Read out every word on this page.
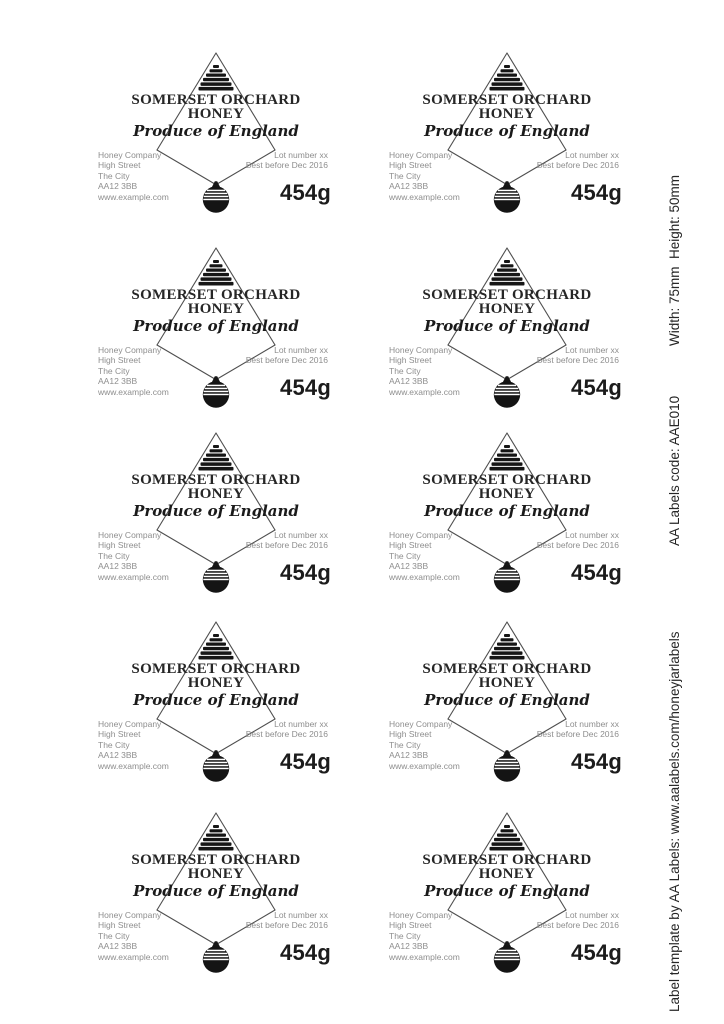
Width: 75mm  Height: 50mm
AA Labels code: AAE010
Label template by AA Labels: www.aalabels.com/honeyjarlabels
SOMERSET ORCHARD
HONEY
Produce of England
Honey Company
High Street
The City
AA12 3BB
www.example.com
Lot number xx
Best before Dec 2016
454g
SOMERSET ORCHARD
HONEY
Produce of England
Honey Company
High Street
The City
AA12 3BB
www.example.com
Lot number xx
Best before Dec 2016
454g
SOMERSET ORCHARD
HONEY
Produce of England
Honey Company
High Street
The City
AA12 3BB
www.example.com
Lot number xx
Best before Dec 2016
454g
SOMERSET ORCHARD
HONEY
Produce of England
Honey Company
High Street
The City
AA12 3BB
www.example.com
Lot number xx
Best before Dec 2016
454g
SOMERSET ORCHARD
HONEY
Produce of England
Honey Company
High Street
The City
AA12 3BB
www.example.com
Lot number xx
Best before Dec 2016
454g
SOMERSET ORCHARD
HONEY
Produce of England
Honey Company
High Street
The City
AA12 3BB
www.example.com
Lot number xx
Best before Dec 2016
454g
SOMERSET ORCHARD
HONEY
Produce of England
Honey Company
High Street
The City
AA12 3BB
www.example.com
Lot number xx
Best before Dec 2016
454g
SOMERSET ORCHARD
HONEY
Produce of England
Honey Company
High Street
The City
AA12 3BB
www.example.com
Lot number xx
Best before Dec 2016
454g
SOMERSET ORCHARD
HONEY
Produce of England
Honey Company
High Street
The City
AA12 3BB
www.example.com
Lot number xx
Best before Dec 2016
454g
SOMERSET ORCHARD
HONEY
Produce of England
Honey Company
High Street
The City
AA12 3BB
www.example.com
Lot number xx
Best before Dec 2016
454g
